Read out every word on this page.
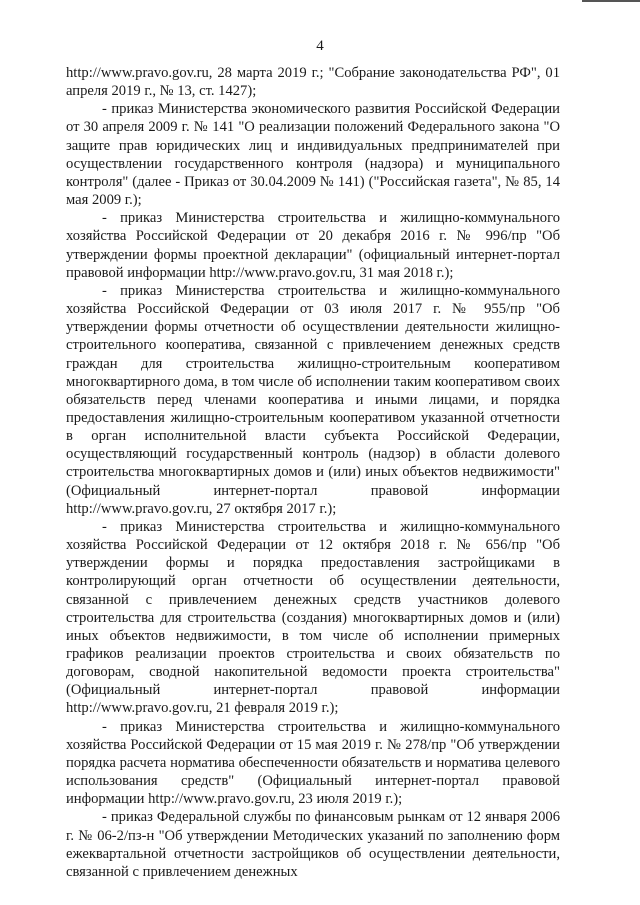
4

http://www.pravo.gov.ru, 28 марта 2019 г.; "Собрание законодательства РФ", 01 апреля 2019 г., № 13, ст. 1427);

- приказ Министерства экономического развития Российской Федерации от 30 апреля 2009 г. № 141 "О реализации положений Федерального закона "О защите прав юридических лиц и индивидуальных предпринимателей при осуществлении государственного контроля (надзора) и муниципального контроля" (далее - Приказ от 30.04.2009 № 141) ("Российская газета", № 85, 14 мая 2009 г.);

- приказ Министерства строительства и жилищно-коммунального хозяйства Российской Федерации от 20 декабря 2016 г. № 996/пр "Об утверждении формы проектной декларации" (официальный интернет-портал правовой информации http://www.pravo.gov.ru, 31 мая 2018 г.);

- приказ Министерства строительства и жилищно-коммунального хозяйства Российской Федерации от 03 июля 2017 г. № 955/пр "Об утверждении формы отчетности об осуществлении деятельности жилищно-строительного кооператива, связанной с привлечением денежных средств граждан для строительства жилищно-строительным кооперативом многоквартирного дома, в том числе об исполнении таким кооперативом своих обязательств перед членами кооператива и иными лицами, и порядка предоставления жилищно-строительным кооперативом указанной отчетности в орган исполнительной власти субъекта Российской Федерации, осуществляющий государственный контроль (надзор) в области долевого строительства многоквартирных домов и (или) иных объектов недвижимости" (Официальный интернет-портал правовой информации http://www.pravo.gov.ru, 27 октября 2017 г.);

- приказ Министерства строительства и жилищно-коммунального хозяйства Российской Федерации от 12 октября 2018 г. № 656/пр "Об утверждении формы и порядка предоставления застройщиками в контролирующий орган отчетности об осуществлении деятельности, связанной с привлечением денежных средств участников долевого строительства для строительства (создания) многоквартирных домов и (или) иных объектов недвижимости, в том числе об исполнении примерных графиков реализации проектов строительства и своих обязательств по договорам, сводной накопительной ведомости проекта строительства" (Официальный интернет-портал правовой информации http://www.pravo.gov.ru, 21 февраля 2019 г.);

- приказ Министерства строительства и жилищно-коммунального хозяйства Российской Федерации от 15 мая 2019 г. № 278/пр "Об утверждении порядка расчета норматива обеспеченности обязательств и норматива целевого использования средств" (Официальный интернет-портал правовой информации http://www.pravo.gov.ru, 23 июля 2019 г.);

- приказ Федеральной службы по финансовым рынкам от 12 января 2006 г. № 06-2/пз-н "Об утверждении Методических указаний по заполнению форм ежеквартальной отчетности застройщиков об осуществлении деятельности, связанной с привлечением денежных
